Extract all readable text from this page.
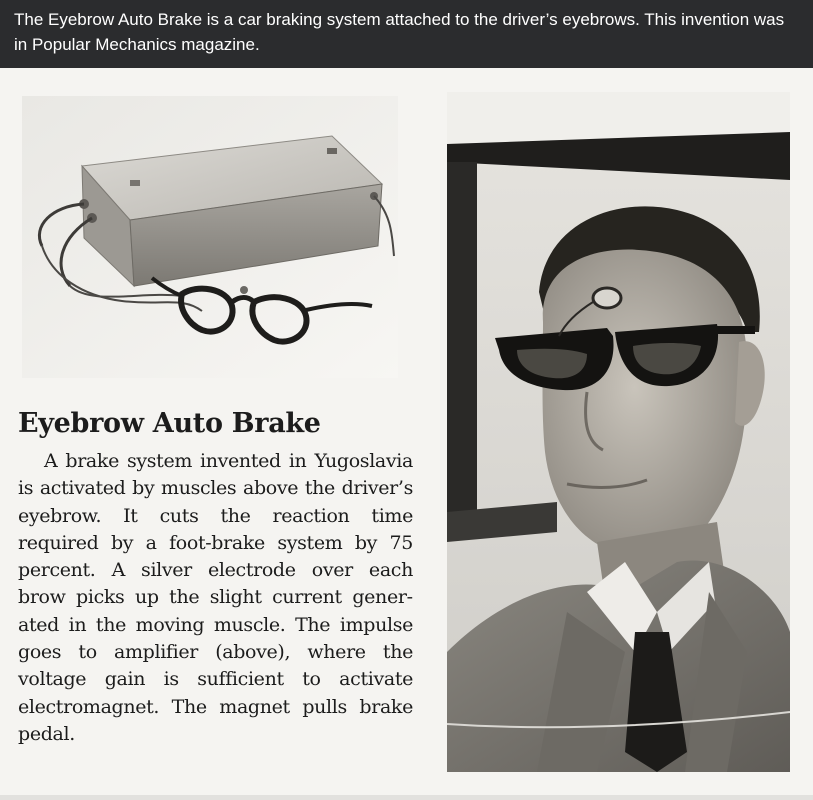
The Eyebrow Auto Brake is a car braking system attached to the driver’s eyebrows. This invention was in Popular Mechanics magazine.
Eyebrow Auto Brake

A brake system invented in Yugoslavia is activated by muscles above the driver’s eyebrow. It cuts the reaction time required by a foot-brake system by 75 percent. A silver electrode over each brow picks up the slight current generated in the moving muscle. The impulse goes to amplifier (above), where the voltage gain is sufficient to activate electromagnet. The magnet pulls brake pedal.
